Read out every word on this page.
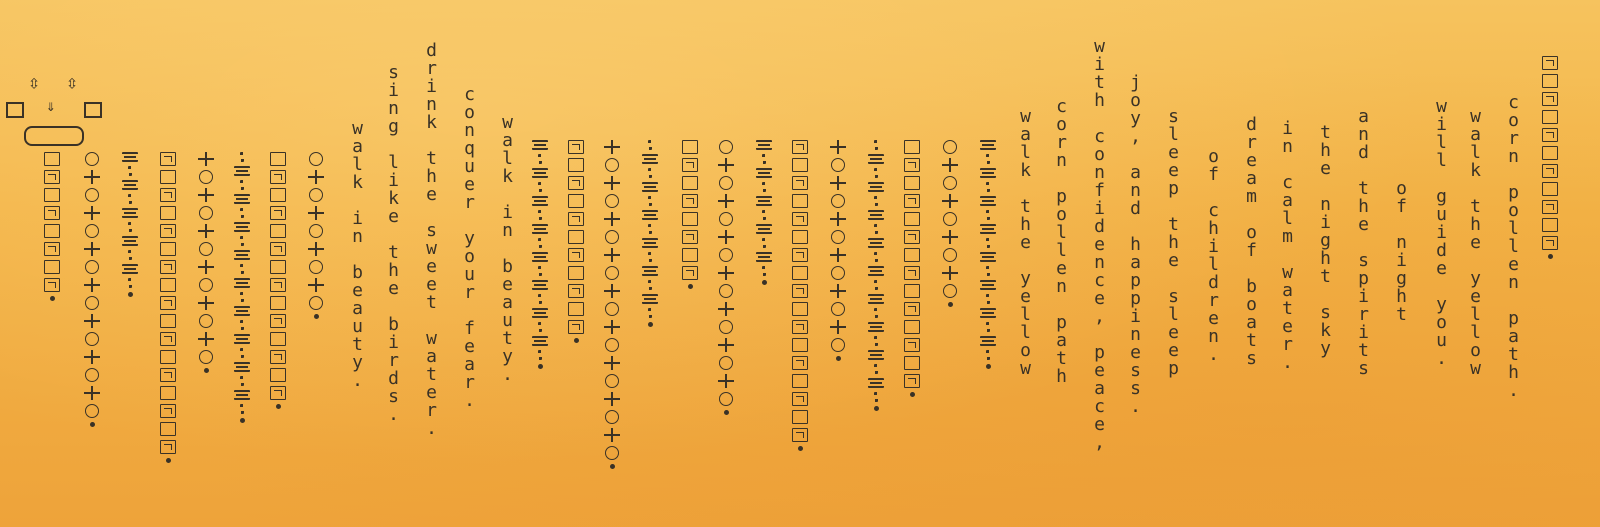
⇳ ⇳
⇓	corn pollen path.
walk the yellow
will guide you.
of night
and the spirits
the night sky
in calm water.
dream of boats
of children.
sleep the sleep
joy, and happiness.
with confidence, peace,
corn pollen path
walk the yellow
walk in beauty.
conquer your fear.
drink the sweet water.
sing like the birds.
walk in beauty.
